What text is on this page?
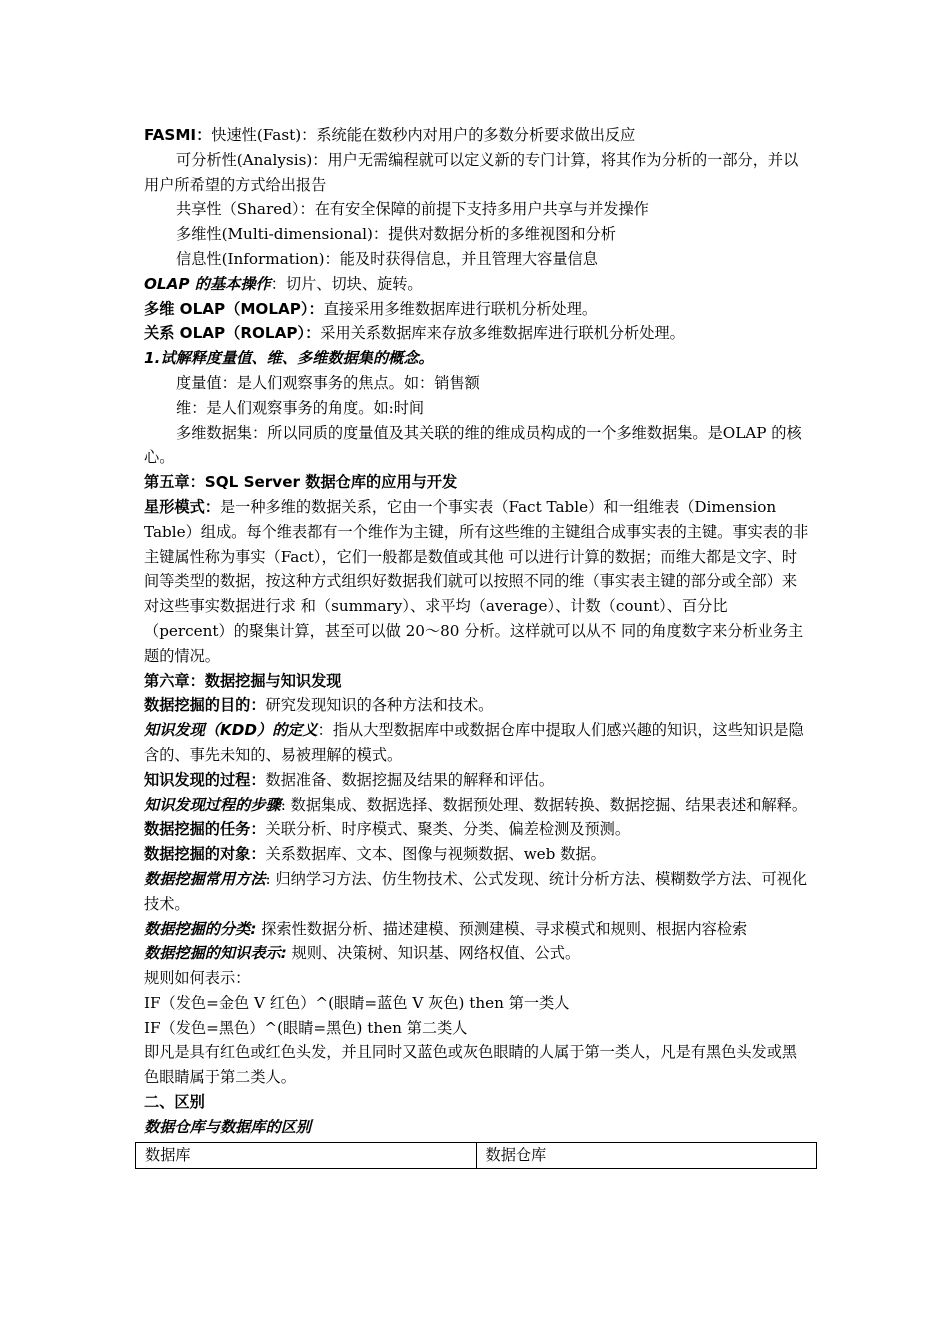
FASMI：快速性(Fast)：系统能在数秒内对用户的多数分析要求做出反应

可分析性(Analysis)：用户无需编程就可以定义新的专门计算，将其作为分析的一部分，并以用户所希望的方式给出报告

共享性（Shared）：在有安全保障的前提下支持多用户共享与并发操作

多维性(Multi-dimensional)：提供对数据分析的多维视图和分析

信息性(Information)：能及时获得信息，并且管理大容量信息

OLAP 的基本操作：切片、切块、旋转。

多维 OLAP（MOLAP）：直接采用多维数据库进行联机分析处理。

关系 OLAP（ROLAP）：采用关系数据库来存放多维数据库进行联机分析处理。

1.试解释度量值、维、多维数据集的概念。

度量值：是人们观察事务的焦点。如：销售额

维：是人们观察事务的角度。如:时间

多维数据集：所以同质的度量值及其关联的维的维成员构成的一个多维数据集。是OLAP 的核心。

第五章：SQL Server 数据仓库的应用与开发

星形模式：是一种多维的数据关系，它由一个事实表（Fact Table）和一组维表（Dimension Table）组成。每个维表都有一个维作为主键，所有这些维的主键组合成事实表的主键。事实表的非主键属性称为事实（Fact），它们一般都是数值或其他 可以进行计算的数据；而维大都是文字、时间等类型的数据，按这种方式组织好数据我们就可以按照不同的维（事实表主键的部分或全部）来对这些事实数据进行求 和（summary）、求平均（average）、计数（count）、百分比（percent）的聚集计算，甚至可以做 20～80 分析。这样就可以从不 同的角度数字来分析业务主题的情况。

第六章：数据挖掘与知识发现

数据挖掘的目的：研究发现知识的各种方法和技术。

知识发现（KDD）的定义：指从大型数据库中或数据仓库中提取人们感兴趣的知识，这些知识是隐含的、事先未知的、易被理解的模式。

知识发现的过程：数据准备、数据挖掘及结果的解释和评估。

知识发现过程的步骤: 数据集成、数据选择、数据预处理、数据转换、数据挖掘、结果表述和解释。

数据挖掘的任务：关联分析、时序模式、聚类、分类、偏差检测及预测。

数据挖掘的对象：关系数据库、文本、图像与视频数据、web 数据。

数据挖掘常用方法: 归纳学习方法、仿生物技术、公式发现、统计分析方法、模糊数学方法、可视化技术。

数据挖掘的分类: 探索性数据分析、描述建模、预测建模、寻求模式和规则、根据内容检索

数据挖掘的知识表示: 规则、决策树、知识基、网络权值、公式。

规则如何表示：

IF（发色=金色 V 红色）^(眼睛=蓝色 V 灰色) then 第一类人

IF（发色=黑色）^(眼睛=黑色) then 第二类人

即凡是具有红色或红色头发，并且同时又蓝色或灰色眼睛的人属于第一类人，凡是有黑色头发或黑色眼睛属于第二类人。

二、区别

数据仓库与数据库的区别

数据库	数据仓库
